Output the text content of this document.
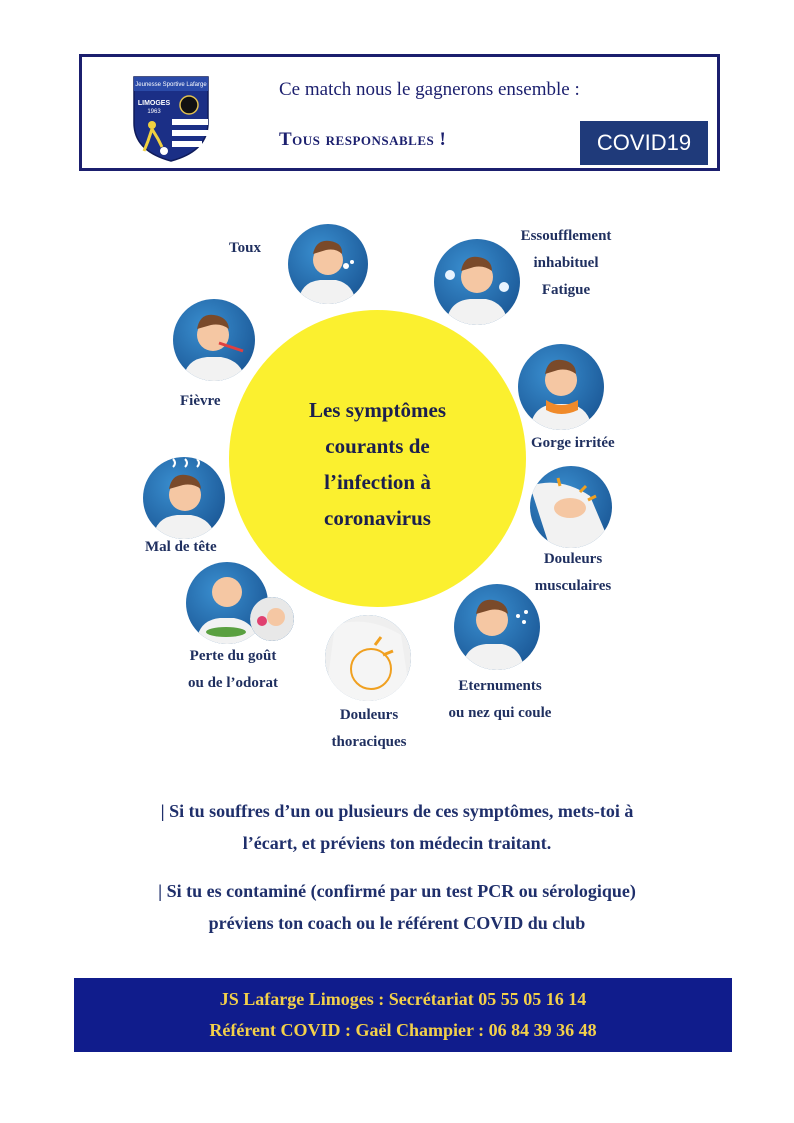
Jeunesse Sportive Lafarge
LIMOGES
1963
Ce match nous le gagnerons ensemble :
Tous responsables !	COVID19
Les symptômes
courants de
l’infection à
coronavirus
Toux
Essoufflement
inhabituel
Fatigue
Fièvre
Gorge irritée
Mal de tête
Douleurs
musculaires
Perte du goût
ou de l’odorat
Douleurs
thoraciques
Eternuments
ou nez qui coule
| Si tu souffres d’un ou plusieurs de ces symptômes, mets-toi à
l’écart, et préviens ton médecin traitant.
| Si tu es contaminé (confirmé par un test PCR ou sérologique)
préviens ton coach ou le référent COVID du club
JS Lafarge Limoges : Secrétariat 05 55 05 16 14
Référent COVID : Gaël Champier : 06 84 39 36 48
